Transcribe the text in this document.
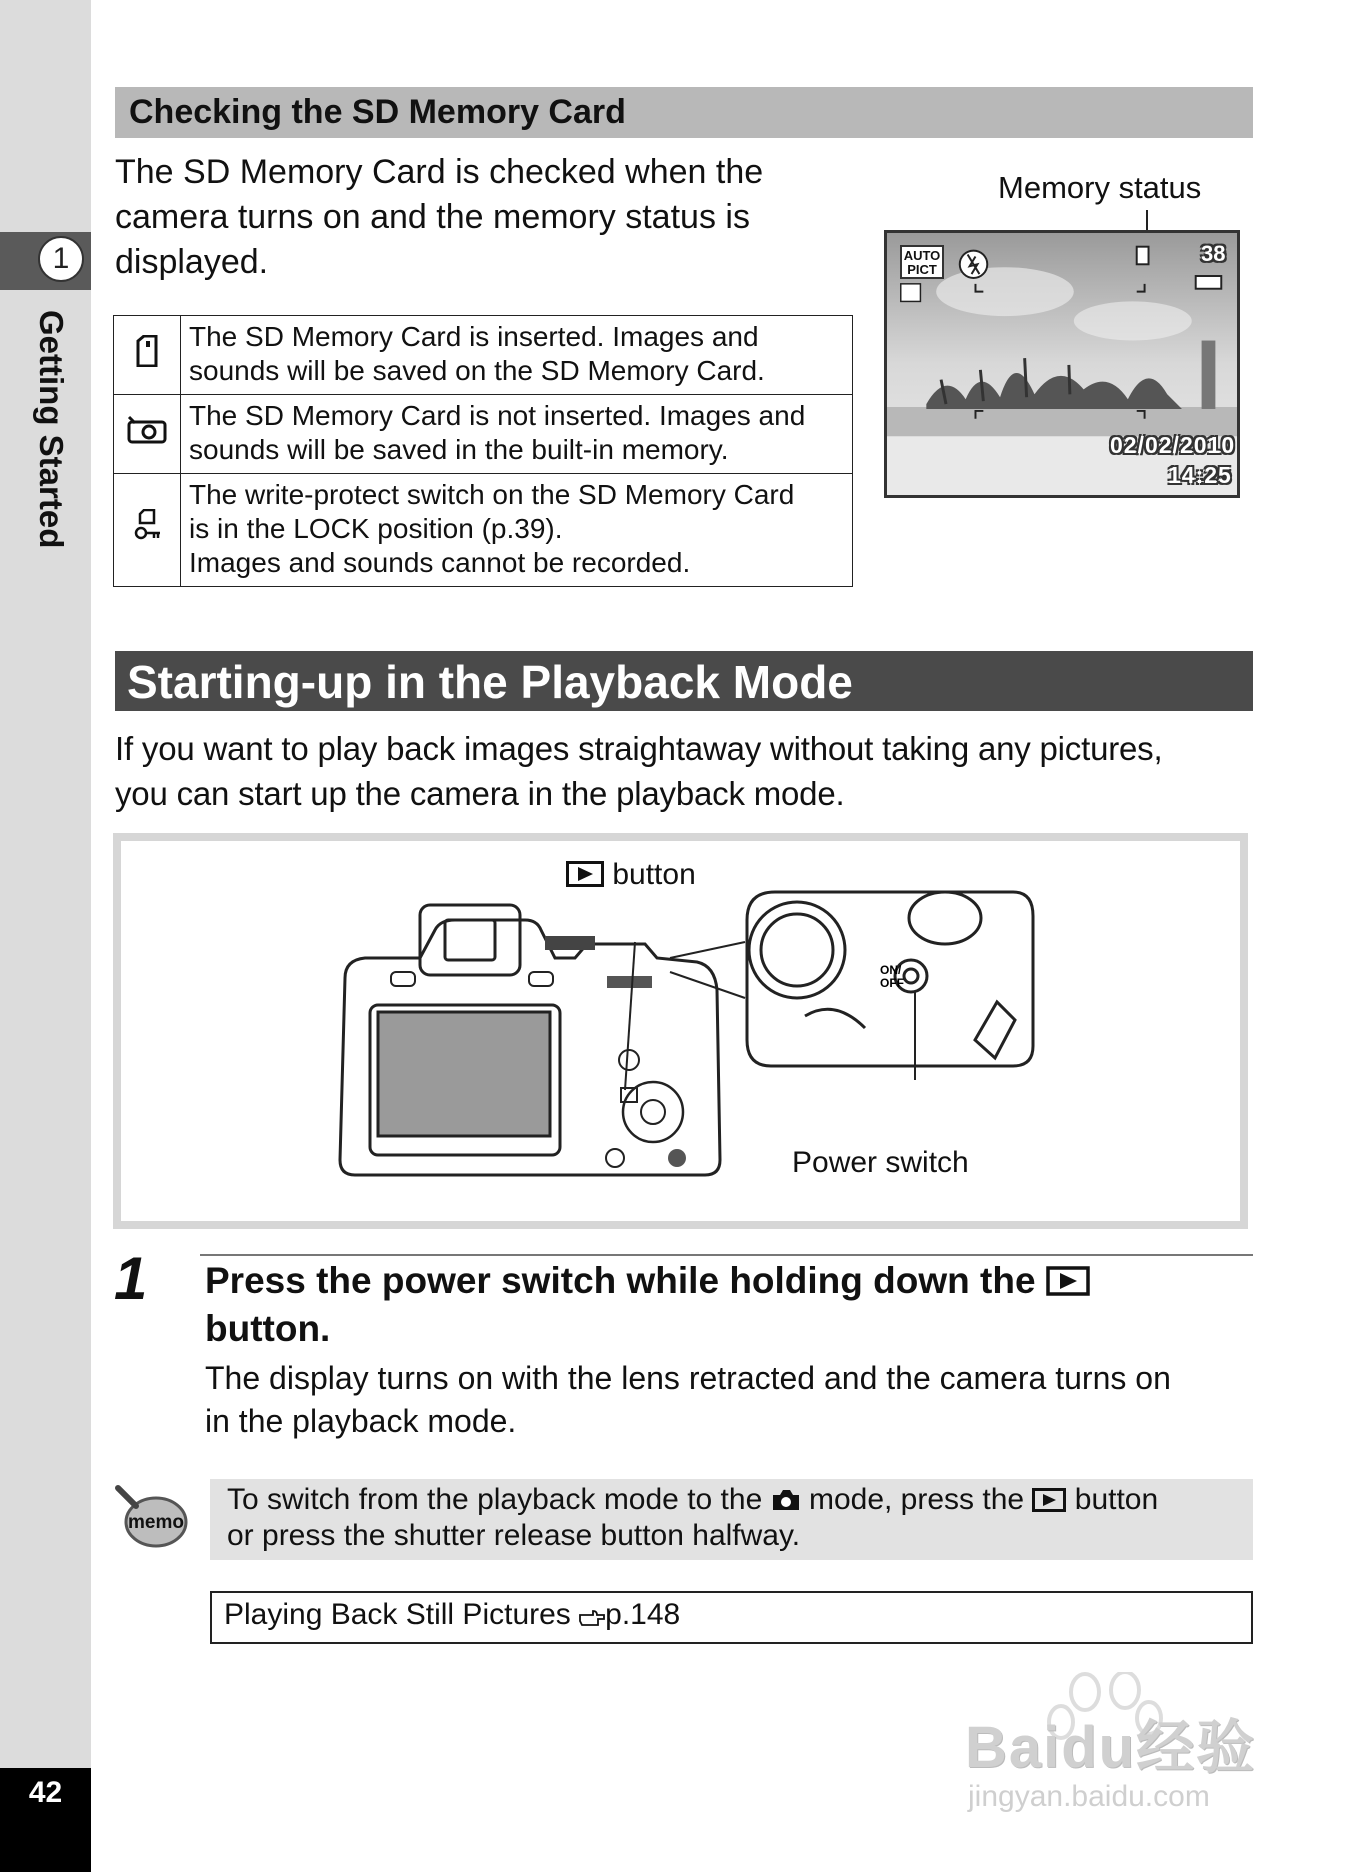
1
Getting Started
42
Checking the SD Memory Card
The SD Memory Card is checked when the
camera turns on and the memory status is
displayed.

The SD Memory Card is inserted. Images and
sounds will be saved on the SD Memory Card.

The SD Memory Card is not inserted. Images and
sounds will be saved in the built-in memory.

The write-protect switch on the SD Memory Card
is in the LOCK position (p.39).
Images and sounds cannot be recorded.
Memory status
AUTO
PICT
38
02/02/2010
14:25
Starting-up in the Playback Mode
If you want to play back images straightaway without taking any pictures,
you can start up the camera in the playback mode.
PENTAX
ON/
OFF
button
Power switch
1 Press the power switch while holding down the
button.
The display turns on with the lens retracted and the camera turns on
in the playback mode.
memo
To switch from the playback mode to the mode, press the button
or press the shutter release button halfway.
Playing Back Still Pictures p.148
Baidu经验
jingyan.baidu.com
